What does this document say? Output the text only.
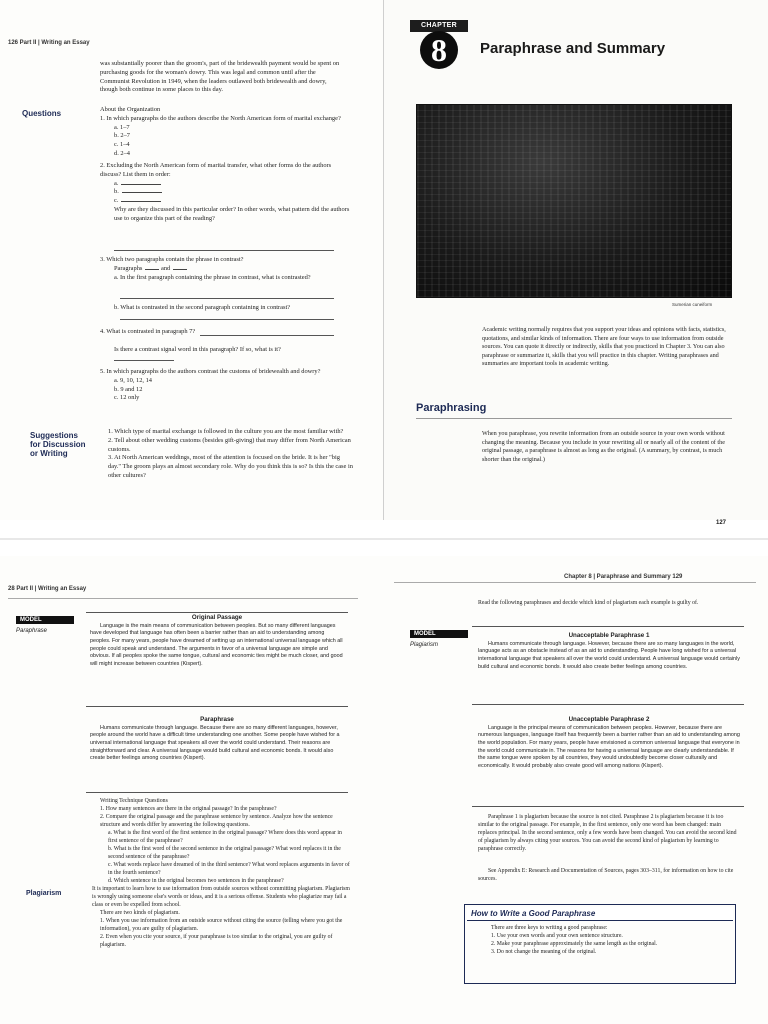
126 Part II | Writing an Essay
was substantially poorer than the groom's, part of the bridewealth payment would be spent on purchasing goods for the woman's dowry. This was legal and common until after the Communist Revolution in 1949, when the leaders outlawed both bridewealth and dowry, though both continue in some places to this day.
Questions	About the Organization
1. In which paragraphs do the authors describe the North American form of marital exchange?
a. 1–7
b. 2–7
c. 1–4
d. 2–4
2. Excluding the North American form of marital transfer, what other forms do the authors discuss? List them in order:
a.
b.
c.
Why are they discussed in this particular order? In other words, what pattern did the authors use to organize this part of the reading?
3. Which two paragraphs contain the phrase in contrast?
Paragraphs	and
a. In the first paragraph containing the phrase in contrast, what is contrasted?
b. What is contrasted in the second paragraph containing in contrast?
4. What is contrasted in paragraph 7?
Is there a contrast signal word in this paragraph? If so, what is it?
5. In which paragraphs do the authors contrast the customs of bridewealth and dowry?
a. 9, 10, 12, 14
b. 9 and 12
c. 12 only
Suggestions for Discussion or Writing
1. Which type of marital exchange is followed in the culture you are the most familiar with?
2. Tell about other wedding customs (besides gift-giving) that may differ from North American customs.
3. At North American weddings, most of the attention is focused on the bride. It is her "big day." The groom plays an almost secondary role. Why do you think this is so? Is this the case in other cultures?
CHAPTER
8	Paraphrase and Summary
Sumerian cuneiform
Academic writing normally requires that you support your ideas and opinions with facts, statistics, quotations, and similar kinds of information. There are four ways to use information from outside sources. You can quote it directly or indirectly, skills that you practiced in Chapter 3. You can also paraphrase or summarize it, skills that you will practice in this chapter. Writing paraphrases and summaries are important tools in academic writing.
Paraphrasing
When you paraphrase, you rewrite information from an outside source in your own words without changing the meaning. Because you include in your rewriting all or nearly all of the content of the original passage, a paraphrase is almost as long as the original. (A summary, by contrast, is much shorter than the original.)
127
28 Part II | Writing an Essay
MODEL
Paraphrase
Original Passage

Language is the main means of communication between peoples. But so many different languages have developed that language has often been a barrier rather than an aid to understanding among peoples. For many years, people have dreamed of setting up an international universal language which all people could speak and understand. The arguments in favor of a universal language are simple and obvious. If all peoples spoke the same tongue, cultural and economic ties might be much closer, and good will might increase between countries (Kispert).

Paraphrase

Humans communicate through language. Because there are so many different languages, however, people around the world have a difficult time understanding one another. Some people have wished for a universal international language that speakers all over the world could understand. Their reasons are straightforward and clear. A universal language would build cultural and economic bonds. It would also create better feelings among countries (Kispert).

Writing Technique Questions
1. How many sentences are there in the original passage? In the paraphrase?
2. Compare the original passage and the paraphrase sentence by sentence. Analyze how the sentence structure and words differ by answering the following questions.
a. What is the first word of the first sentence in the original passage? Where does this word appear in first sentence of the paraphrase?
b. What is the first word of the second sentence in the original passage? What word replaces it in the second sentence of the paraphrase?
c. What words replace have dreamed of in the third sentence? What word replaces arguments in favor of in the fourth sentence?
d. Which sentence in the original becomes two sentences in the paraphrase?
Plagiarism
It is important to learn how to use information from outside sources without committing plagiarism. Plagiarism is wrongly using someone else's words or ideas, and it is a serious offense. Students who plagiarize may fail a class or even be expelled from school.
There are two kinds of plagiarism.
1. When you use information from an outside source without citing the source (telling where you got the information), you are guilty of plagiarism.
2. Even when you cite your source, if your paraphrase is too similar to the original, you are guilty of plagiarism.
Chapter 8 | Paraphrase and Summary 129
Read the following paraphrases and decide which kind of plagiarism each example is guilty of.
MODEL
Plagiarism
Unacceptable Paraphrase 1

Humans communicate through language. However, because there are so many languages in the world, language acts as an obstacle instead of as an aid to understanding. People have long wished for a universal international language that speakers all over the world could understand. A universal language would certainly build cultural and economic bonds. It would also create better feelings among countries.

Unacceptable Paraphrase 2

Language is the principal means of communication between peoples. However, because there are numerous languages, language itself has frequently been a barrier rather than an aid to understanding among the world population. For many years, people have envisioned a common universal language that everyone in the world could communicate in. The reasons for having a universal language are clearly understandable. If the same tongue were spoken by all countries, they would undoubtedly become closer culturally and economically. It would probably also create good will among nations (Kispert).

Paraphrase 1 is plagiarism because the source is not cited. Paraphrase 2 is plagiarism because it is too similar to the original passage. For example, in the first sentence, only one word has been changed: main replaces principal. In the second sentence, only a few words have been changed. You can avoid the second kind of plagiarism by always citing your sources. You can avoid the second kind of plagiarism by learning to paraphrase correctly.
See Appendix E: Research and Documentation of Sources, pages 303–311, for information on how to cite sources.
How to Write a Good Paraphrase
There are three keys to writing a good paraphrase:
1. Use your own words and your own sentence structure.
2. Make your paraphrase approximately the same length as the original.
3. Do not change the meaning of the original.
